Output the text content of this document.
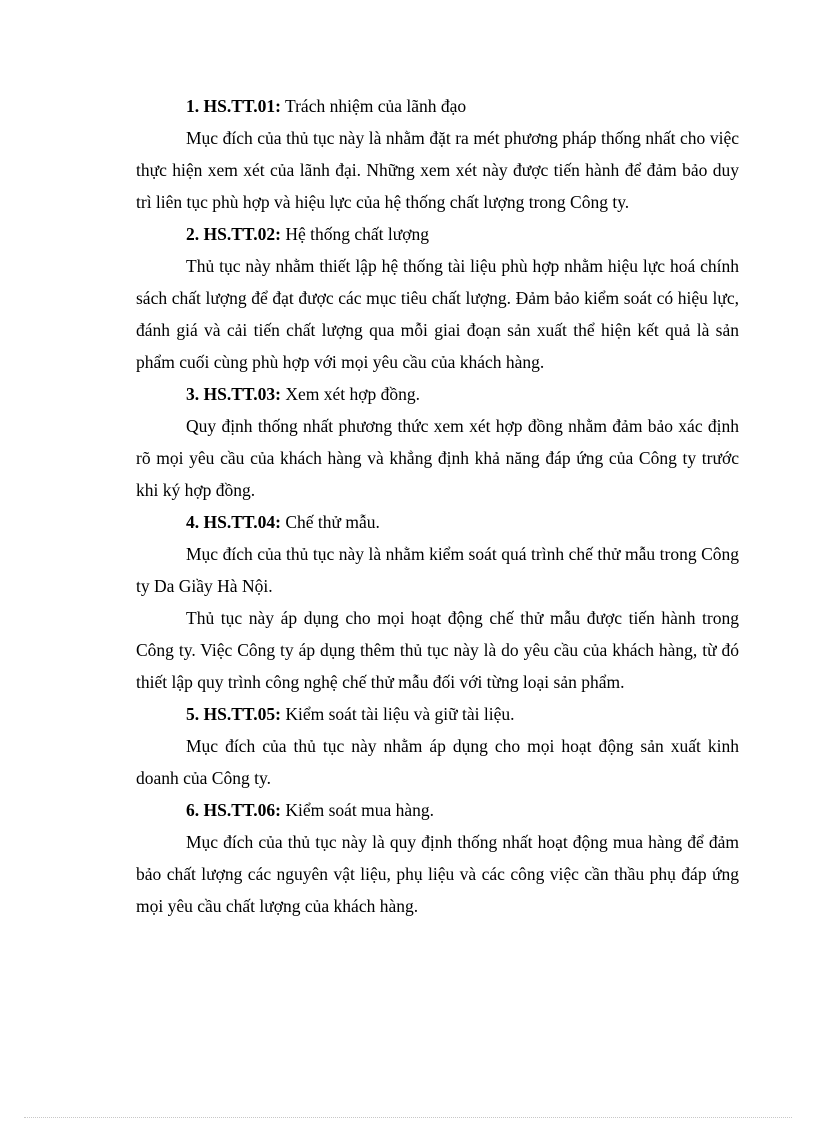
1. HS.TT.01: Trách nhiệm của lãnh đạo

Mục đích của thủ tục này là nhằm đặt ra mét phương pháp thống nhất cho việc thực hiện xem xét của lãnh đại. Những xem xét này được tiến hành để đảm bảo duy trì liên tục phù hợp và hiệu lực của hệ thống chất lượng trong Công ty.

2. HS.TT.02: Hệ thống chất lượng

Thủ tục này nhằm thiết lập hệ thống tài liệu phù hợp nhằm hiệu lực hoá chính sách chất lượng để đạt được các mục tiêu chất lượng. Đảm bảo kiểm soát có hiệu lực, đánh giá và cải tiến chất lượng qua mỗi giai đoạn sản xuất thể hiện kết quả là sản phẩm cuối cùng phù hợp với mọi yêu cầu của khách hàng.

3. HS.TT.03: Xem xét hợp đồng.

Quy định thống nhất phương thức xem xét hợp đồng nhằm đảm bảo xác định rõ mọi yêu cầu của khách hàng và khẳng định khả năng đáp ứng của Công ty trước khi ký hợp đồng.

4. HS.TT.04: Chế thử mẫu.

Mục đích của thủ tục này là nhằm kiểm soát quá trình chế thử mẫu trong Công ty Da Giầy Hà Nội.

Thủ tục này áp dụng cho mọi hoạt động chế thử mẫu được tiến hành trong Công ty. Việc Công ty áp dụng thêm thủ tục này là do yêu cầu của khách hàng, từ đó thiết lập quy trình công nghệ chế thử mẫu đối với từng loại sản phẩm.

5. HS.TT.05: Kiểm soát tài liệu và giữ tài liệu.

Mục đích của thủ tục này nhằm áp dụng cho mọi hoạt động sản xuất kinh doanh của Công ty.

6. HS.TT.06: Kiểm soát mua hàng.

Mục đích của thủ tục này là quy định thống nhất hoạt động mua hàng để đảm bảo chất lượng các nguyên vật liệu, phụ liệu và các công việc cần thầu phụ đáp ứng mọi yêu cầu chất lượng của khách hàng.
